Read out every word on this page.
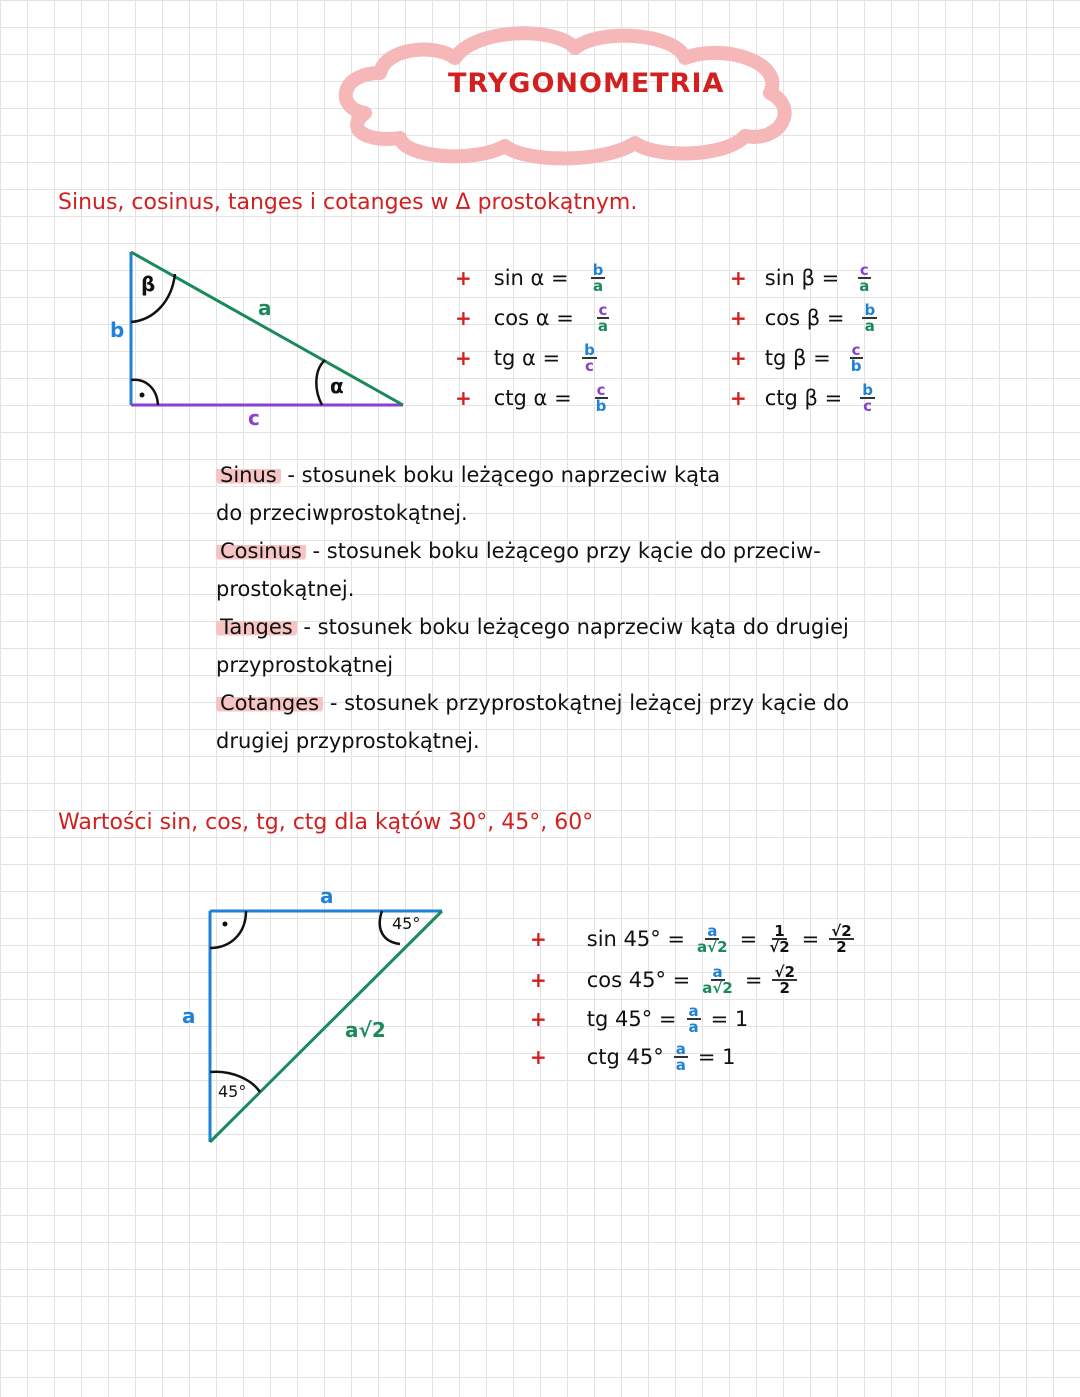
TRYGONOMETRIA
Sinus, cosinus, tanges i cotanges w Δ prostokątnym.
β
α
a
b
c
+ $\sin \alpha = \frac{b}{a}$
+ $\cos \alpha = \frac{c}{a}$
+ tg $\alpha = \frac{b}{c}$
+ ctg $\alpha = \frac{c}{b}$
+ $\sin \beta = \frac{c}{a}$
+ $\cos \beta = \frac{b}{a}$
+ tg $\beta = \frac{c}{b}$
+ ctg $\beta = \frac{b}{c}$
Sinus - stosunek boku leżącego naprzeciw kąta
do przeciwprostokątnej.
Cosinus - stosunek boku leżącego przy kącie do przeciw-
prostokątnej.
Tanges - stosunek boku leżącego naprzeciw kąta do drugiej
przyprostokątnej
Cotanges - stosunek przyprostokątnej leżącej przy kącie do
drugiej przyprostokątnej.
Wartości sin, cos, tg, ctg dla kątów 30°, 45°, 60°
a
a
a√2
45°
45°
+ $\sin 45^\circ = \frac{a}{a√2} = \frac{1}{√2} = \frac{√2}{2}$
+ $\cos 45^\circ = \frac{a}{a√2} = \frac{√2}{2}$
+ tg $45^\circ = \frac{a}{a} = 1$
+ ctg $45^\circ \frac{a}{a} = 1$
